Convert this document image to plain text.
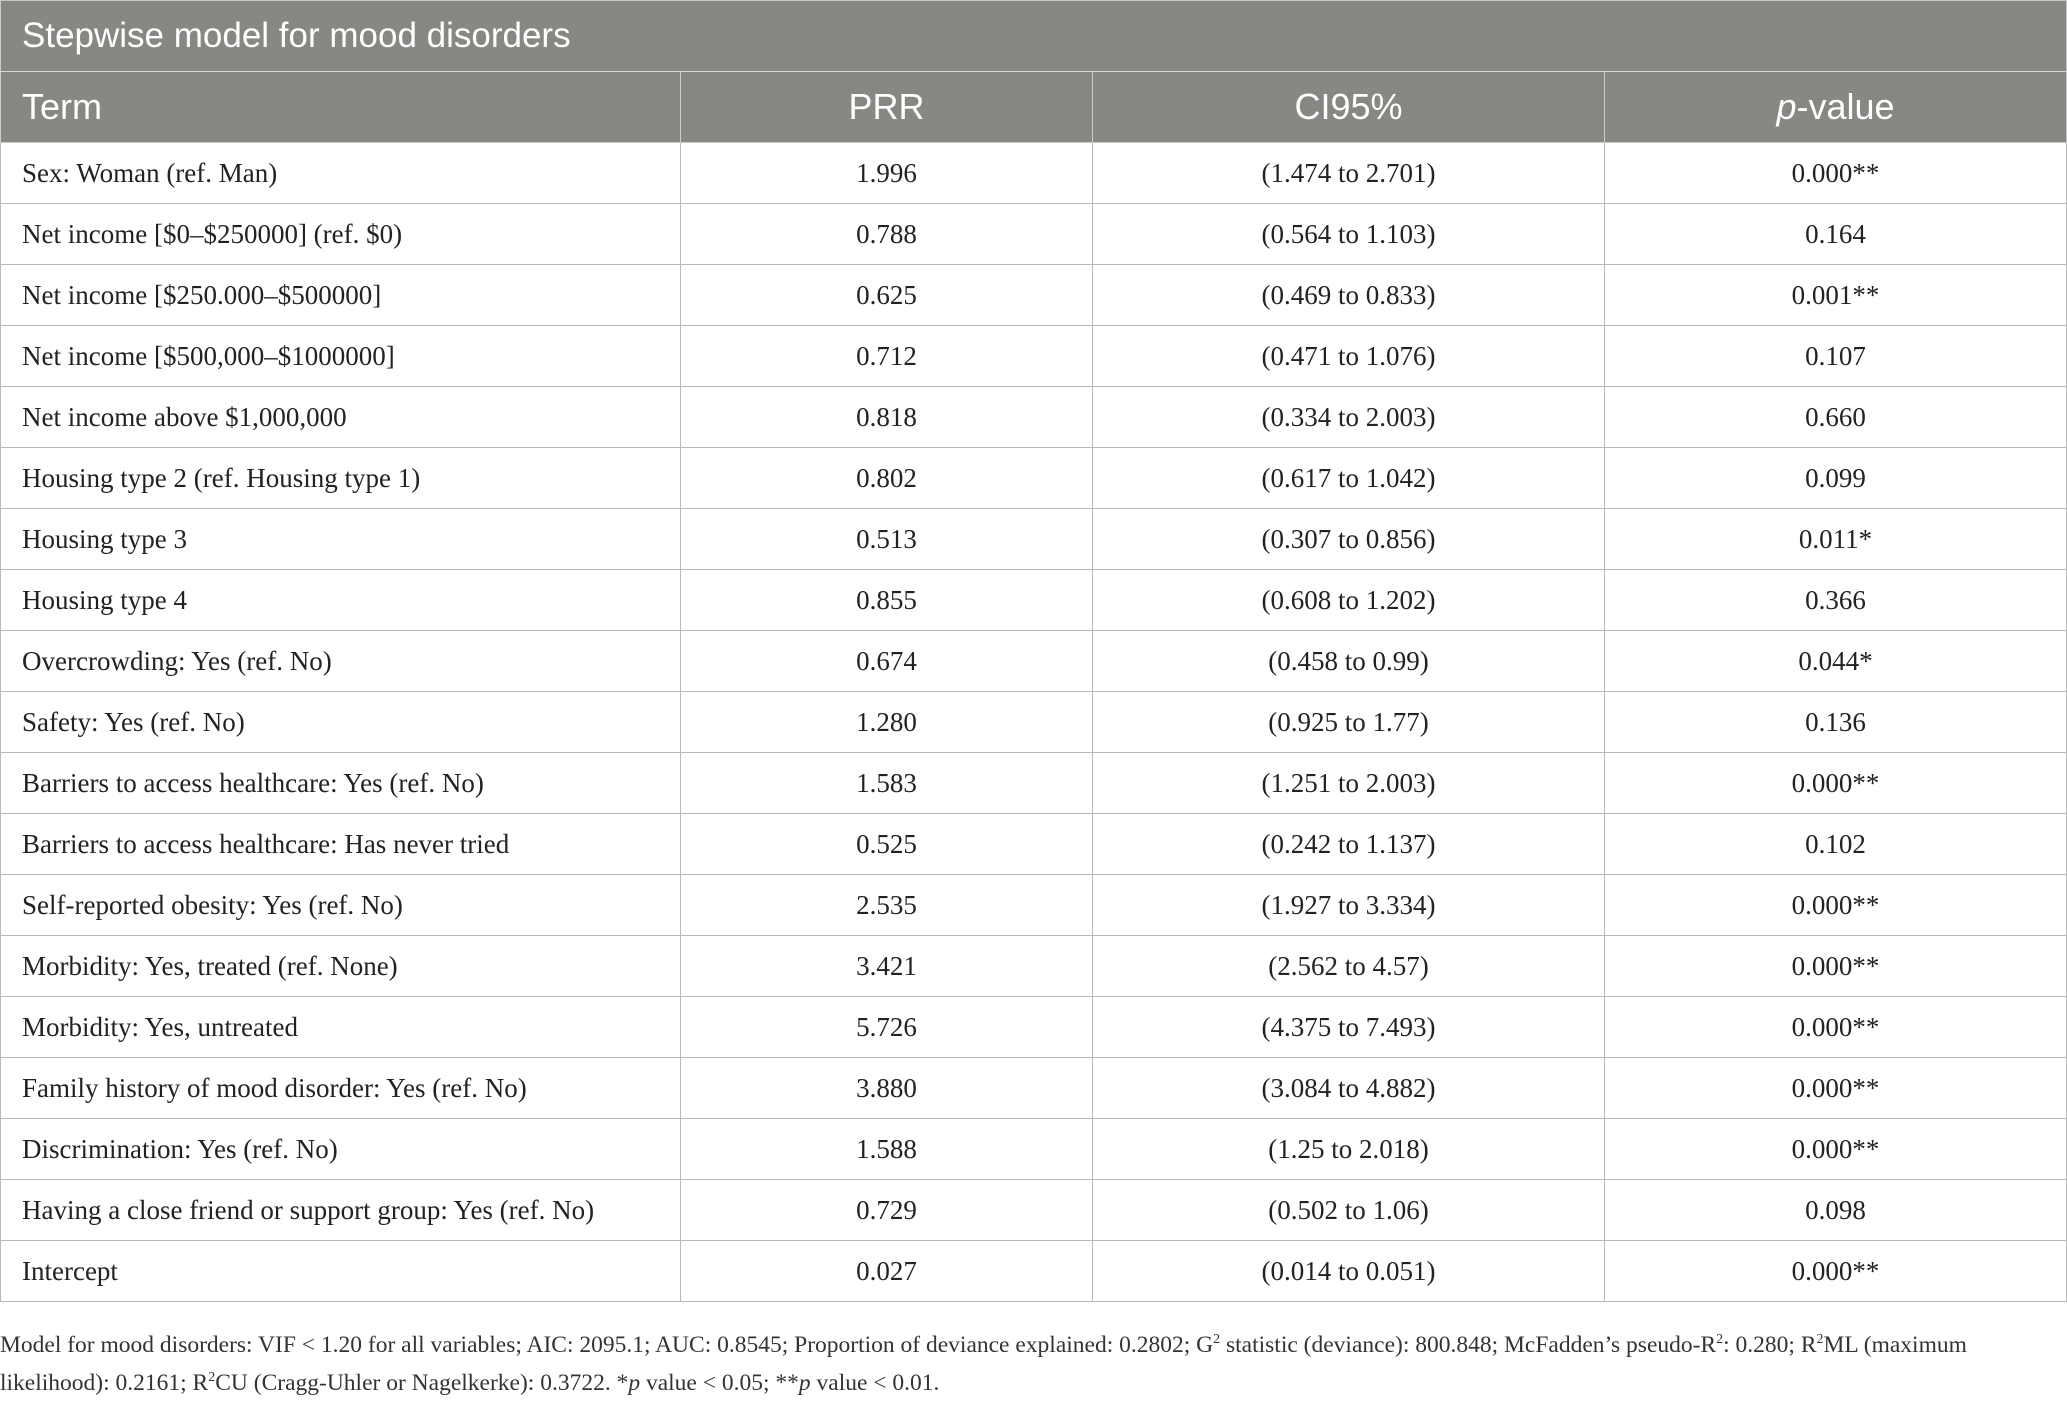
Stepwise model for mood disorders			
Term	PRR	CI95%	p-value
Sex: Woman (ref. Man)	1.996	(1.474 to 2.701)	0.000**
Net income [$0–$250000] (ref. $0)	0.788	(0.564 to 1.103)	0.164
Net income [$250.000–$500000]	0.625	(0.469 to 0.833)	0.001**
Net income [$500,000–$1000000]	0.712	(0.471 to 1.076)	0.107
Net income above $1,000,000	0.818	(0.334 to 2.003)	0.660
Housing type 2 (ref. Housing type 1)	0.802	(0.617 to 1.042)	0.099
Housing type 3	0.513	(0.307 to 0.856)	0.011*
Housing type 4	0.855	(0.608 to 1.202)	0.366
Overcrowding: Yes (ref. No)	0.674	(0.458 to 0.99)	0.044*
Safety: Yes (ref. No)	1.280	(0.925 to 1.77)	0.136
Barriers to access healthcare: Yes (ref. No)	1.583	(1.251 to 2.003)	0.000**
Barriers to access healthcare: Has never tried	0.525	(0.242 to 1.137)	0.102
Self-reported obesity: Yes (ref. No)	2.535	(1.927 to 3.334)	0.000**
Morbidity: Yes, treated (ref. None)	3.421	(2.562 to 4.57)	0.000**
Morbidity: Yes, untreated	5.726	(4.375 to 7.493)	0.000**
Family history of mood disorder: Yes (ref. No)	3.880	(3.084 to 4.882)	0.000**
Discrimination: Yes (ref. No)	1.588	(1.25 to 2.018)	0.000**
Having a close friend or support group: Yes (ref. No)	0.729	(0.502 to 1.06)	0.098
Intercept	0.027	(0.014 to 0.051)	0.000**
Model for mood disorders: VIF < 1.20 for all variables; AIC: 2095.1; AUC: 0.8545; Proportion of deviance explained: 0.2802; $G^2$ statistic (deviance): 800.848; McFadden’s pseudo-$R^2$: 0.280; $R^2ML$ (maximum likelihood): 0.2161; $R^2CU$ (Cragg-Uhler or Nagelkerke): 0.3722. *p value < 0.05; **p value < 0.01.
